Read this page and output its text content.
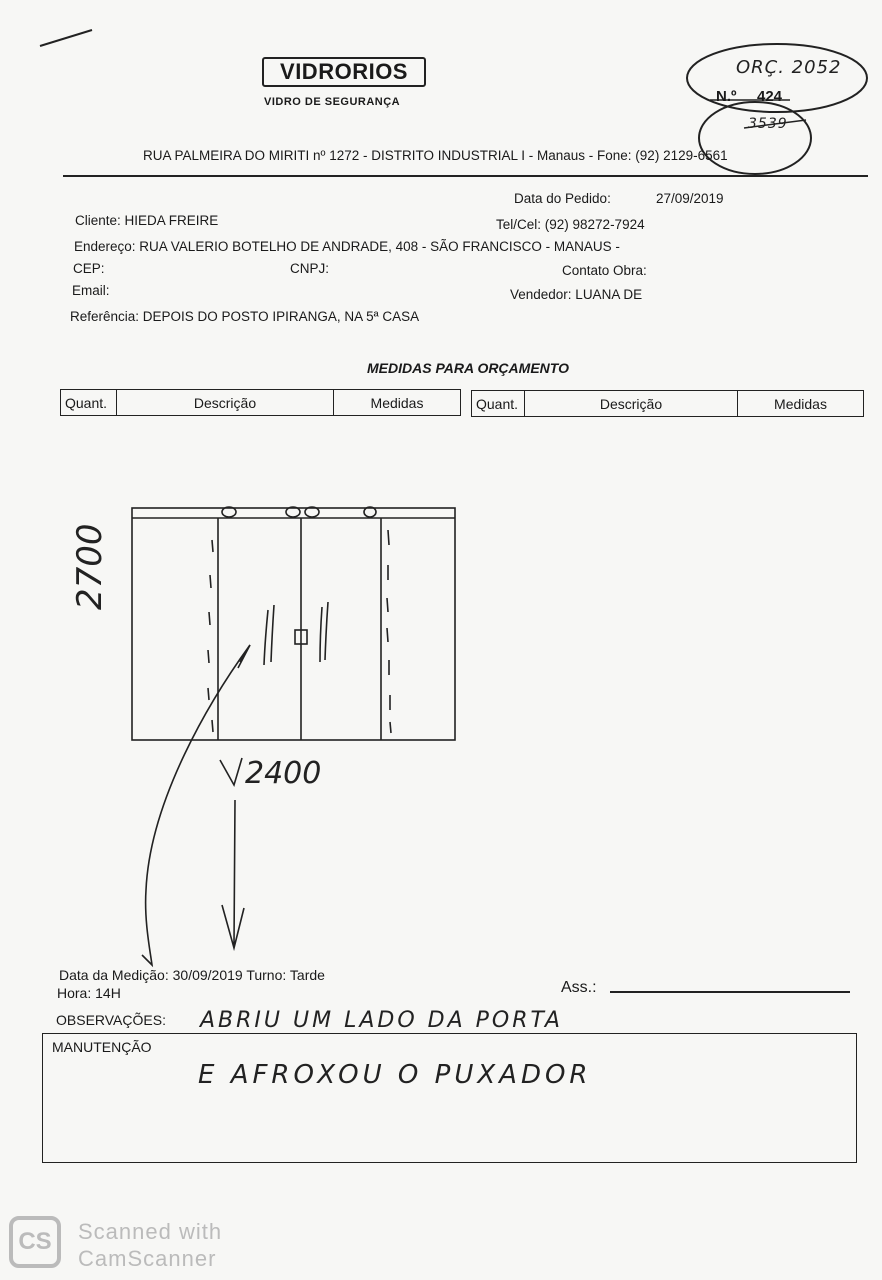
VIDRORIOS
VIDRO DE SEGURANÇA
ORÇ. 2052
N.º 424
3539
RUA PALMEIRA DO MIRITI nº 1272 - DISTRITO INDUSTRIAL I - Manaus - Fone: (92) 2129-6561
Data do Pedido:	27/09/2019
Cliente: HIEDA FREIRE	Tel/Cel: (92) 98272-7924
Endereço: RUA VALERIO BOTELHO DE ANDRADE, 408 - SÃO FRANCISCO - MANAUS -
CEP:	CNPJ:	Contato Obra:
Email:	Vendedor: LUANA DE
Referência: DEPOIS DO POSTO IPIRANGA, NA 5ª CASA
MEDIDAS PARA ORÇAMENTO
Quant.	Descrição	Medidas	Quant.	Descrição	Medidas
2700
2400
Data da Medição: 30/09/2019 Turno: Tarde
Hora: 14H	Ass.:
OBSERVAÇÕES: ABRIU UM LADO DA PORTA
MANUTENÇÃO
E AFROXOU O PUXADOR
CS	Scanned with
CamScanner
